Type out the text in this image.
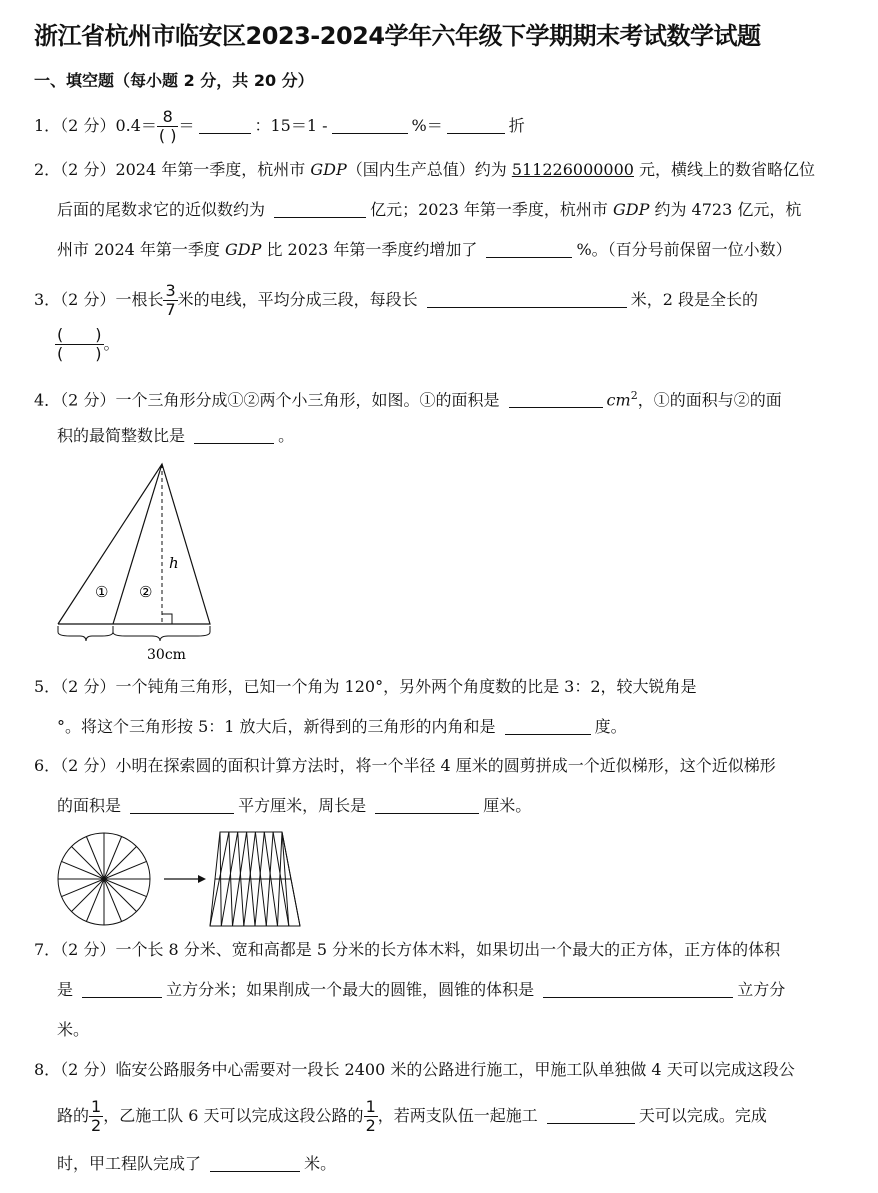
浙江省杭州市临安区2023-2024学年六年级下学期期末考试数学试题
一、填空题（每小题 2 分，共 20 分）
1．（2 分）$0.4= \frac{8}{( )}$ ＝	：15＝1 -	%＝	折
2．（2 分）2024 年第一季度，杭州市 GDP（国内生产总值）约为 511226000000 元，横线上的数省略亿位
后面的尾数求它的近似数约为	亿元；2023 年第一季度，杭州市 GDP 约为 4723 亿元，杭
州市 2024 年第一季度 GDP 比 2023 年第一季度约增加了	%。（百分号前保留一位小数）
3．（2 分）一根长 $\frac{3}{7}$ 米的电线，平均分成三段，每段长	米，2 段是全长的
$\frac{( )}{( )}$ 。
4．（2 分）一个三角形分成①②两个小三角形，如图。①的面积是	$cm^2$，①的面积与②的面
积的最简整数比是	。
① ②
h
30cm
5．（2 分）一个钝角三角形，已知一个角为 120°，另外两个角度数的比是 3：2，较大锐角是
°。将这个三角形按 5：1 放大后，新得到的三角形的内角和是	度。
6．（2 分）小明在探索圆的面积计算方法时，将一个半径 4 厘米的圆剪拼成一个近似梯形，这个近似梯形
的面积是	平方厘米，周长是	厘米。
7．（2 分）一个长 8 分米、宽和高都是 5 分米的长方体木料，如果切出一个最大的正方体，正方体的体积
是	立方分米；如果削成一个最大的圆锥，圆锥的体积是	立方分
米。
8．（2 分）临安公路服务中心需要对一段长 2400 米的公路进行施工，甲施工队单独做 4 天可以完成这段公
路的 $\frac{1}{2}$ ，乙施工队 6 天可以完成这段公路的 $\frac{1}{2}$ ，若两支队伍一起施工	天可以完成。完成
时，甲工程队完成了	米。
